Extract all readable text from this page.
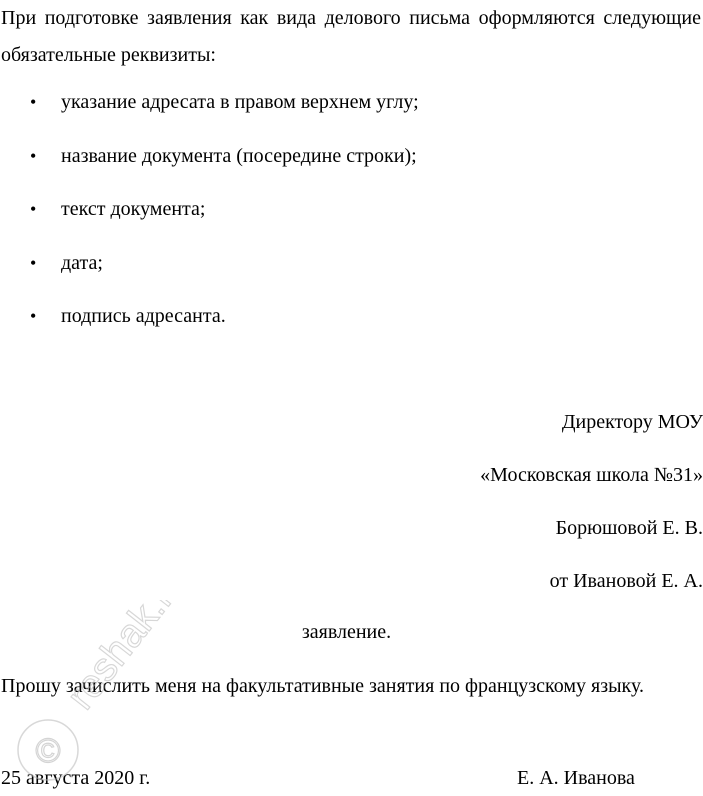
При подготовке заявления как вида делового письма оформляются следующие обязательные реквизиты:
• указание адресата в правом верхнем углу;
• название документа (посередине строки);
• текст документа;
• дата;
• подпись адресанта.
Директору МОУ
«Московская школа №31»
Борюшовой Е. В.
от Ивановой Е. А.
заявление.
Прошу зачислить меня на факультативные занятия по французскому языку.
25 августа 2020 г.	Е. А. Иванова
©
reshak.ru
